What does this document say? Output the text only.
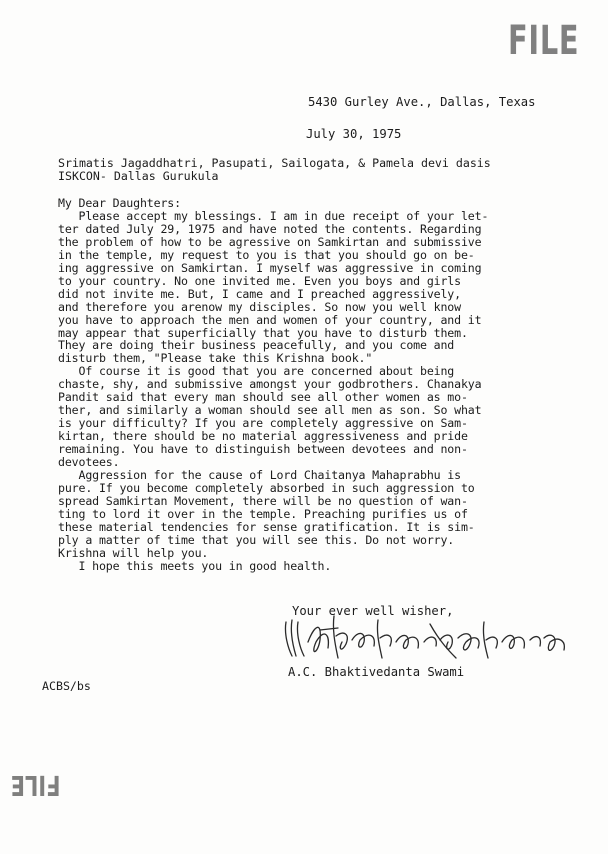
FILE
5430 Gurley Ave., Dallas, Texas
July 30, 1975
Srimatis Jagaddhatri, Pasupati, Sailogata, & Pamela devi dasis
ISKCON- Dallas Gurukula
My Dear Daughters:
Please accept my blessings. I am in due receipt of your let-
ter dated July 29, 1975 and have noted the contents. Regarding
the problem of how to be agressive on Samkirtan and submissive
in the temple, my request to you is that you should go on be-
ing aggressive on Samkirtan. I myself was aggressive in coming
to your country. No one invited me. Even you boys and girls
did not invite me. But, I came and I preached aggressively,
and therefore you arenow my disciples. So now you well know
you have to approach the men and women of your country, and it
may appear that superficially that you have to disturb them.
They are doing their business peacefully, and you come and
disturb them, "Please take this Krishna book."
Of course it is good that you are concerned about being
chaste, shy, and submissive amongst your godbrothers. Chanakya
Pandit said that every man should see all other women as mo-
ther, and similarly a woman should see all men as son. So what
is your difficulty? If you are completely aggressive on Sam-
kirtan, there should be no material aggressiveness and pride
remaining. You have to distinguish between devotees and non-
devotees.
Aggression for the cause of Lord Chaitanya Mahaprabhu is
pure. If you become completely absorbed in such aggression to
spread Samkirtan Movement, there will be no question of wan-
ting to lord it over in the temple. Preaching purifies us of
these material tendencies for sense gratification. It is sim-
ply a matter of time that you will see this. Do not worry.
Krishna will help you.
I hope this meets you in good health.
Your ever well wisher,
A.C. Bhaktivedanta Swami
ACBS/bs
FILE
